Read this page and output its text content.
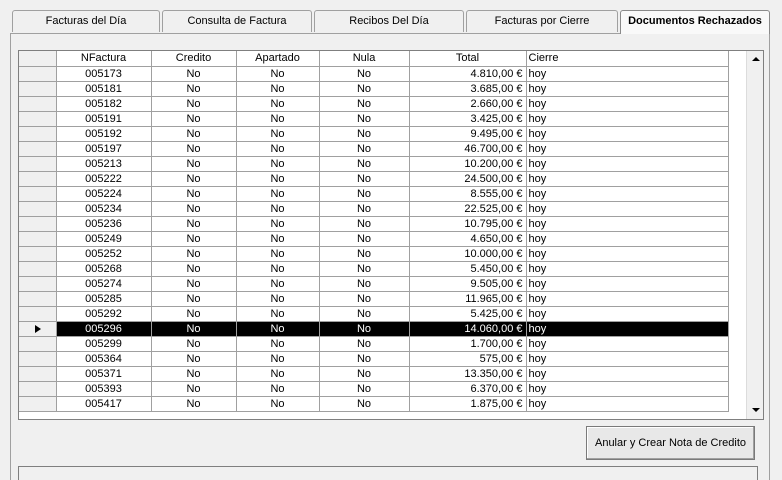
Facturas del Día	Consulta de Factura	Recibos Del Día	Facturas por Cierre	Documentos Rechazados
	NFactura	Credito	Apartado	Nula	Total	Cierre
	005173	No	No	No	4.810,00 €	hoy
	005181	No	No	No	3.685,00 €	hoy
	005182	No	No	No	2.660,00 €	hoy
	005191	No	No	No	3.425,00 €	hoy
	005192	No	No	No	9.495,00 €	hoy
	005197	No	No	No	46.700,00 €	hoy
	005213	No	No	No	10.200,00 €	hoy
	005222	No	No	No	24.500,00 €	hoy
	005224	No	No	No	8.555,00 €	hoy
	005234	No	No	No	22.525,00 €	hoy
	005236	No	No	No	10.795,00 €	hoy
	005249	No	No	No	4.650,00 €	hoy
	005252	No	No	No	10.000,00 €	hoy
	005268	No	No	No	5.450,00 €	hoy
	005274	No	No	No	9.505,00 €	hoy
	005285	No	No	No	11.965,00 €	hoy
	005292	No	No	No	5.425,00 €	hoy

	005296	No	No	No	14.060,00 €	hoy
	005299	No	No	No	1.700,00 €	hoy
	005364	No	No	No	575,00 €	hoy
	005371	No	No	No	13.350,00 €	hoy
	005393	No	No	No	6.370,00 €	hoy
	005417	No	No	No	1.875,00 €	hoy
Anular y Crear Nota de Credito
